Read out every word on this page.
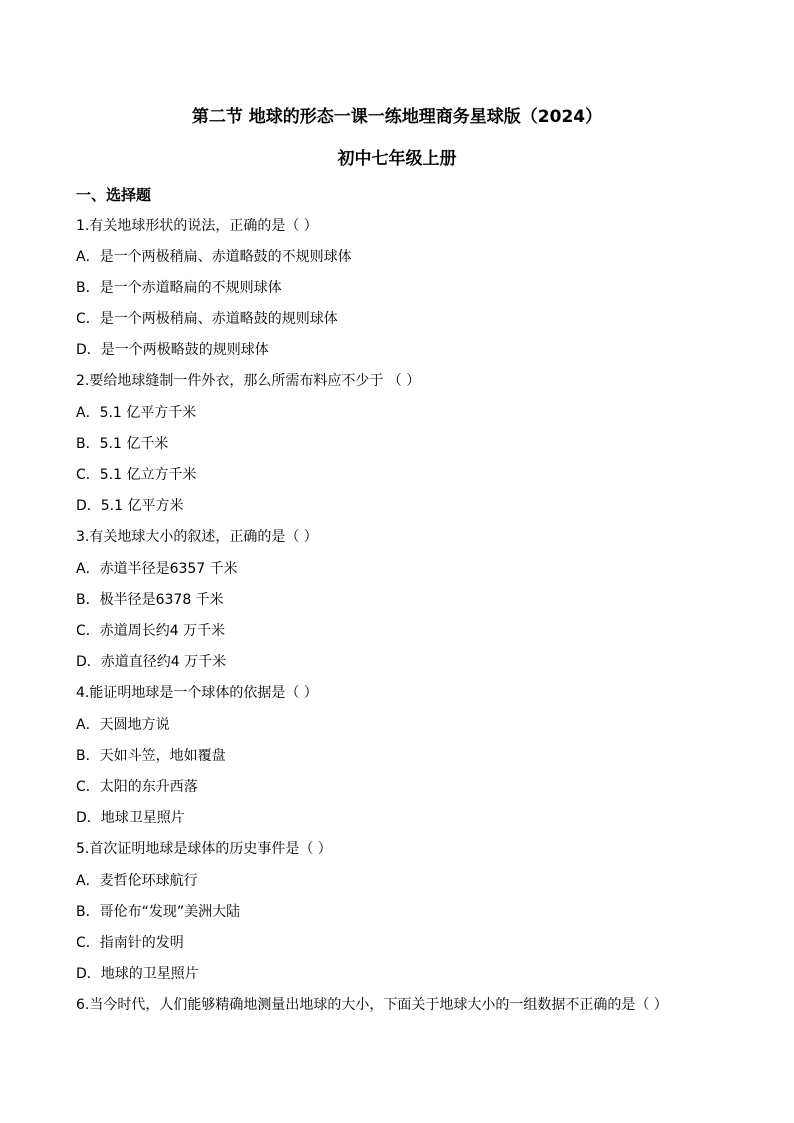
第二节 地球的形态一课一练地理商务星球版（2024）
初中七年级上册
一、选择题
1.有关地球形状的说法，正确的是（ ）
A．是一个两极稍扁、赤道略鼓的不规则球体
B．是一个赤道略扁的不规则球体
C．是一个两极稍扁、赤道略鼓的规则球体
D．是一个两极略鼓的规则球体
2.要给地球缝制一件外衣，那么所需布料应不少于 （ ）
A．5.1 亿平方千米
B．5.1 亿千米
C．5.1 亿立方千米
D．5.1 亿平方米
3.有关地球大小的叙述，正确的是（ ）
A．赤道半径是6357 千米
B．极半径是6378 千米
C．赤道周长约4 万千米
D．赤道直径约4 万千米
4.能证明地球是一个球体的依据是（ ）
A．天圆地方说
B．天如斗笠，地如覆盘
C．太阳的东升西落
D．地球卫星照片
5.首次证明地球是球体的历史事件是（ ）
A．麦哲伦环球航行
B．哥伦布“发现”美洲大陆
C．指南针的发明
D．地球的卫星照片
6.当今时代，人们能够精确地测量出地球的大小，下面关于地球大小的一组数据不正确的是（ ）
